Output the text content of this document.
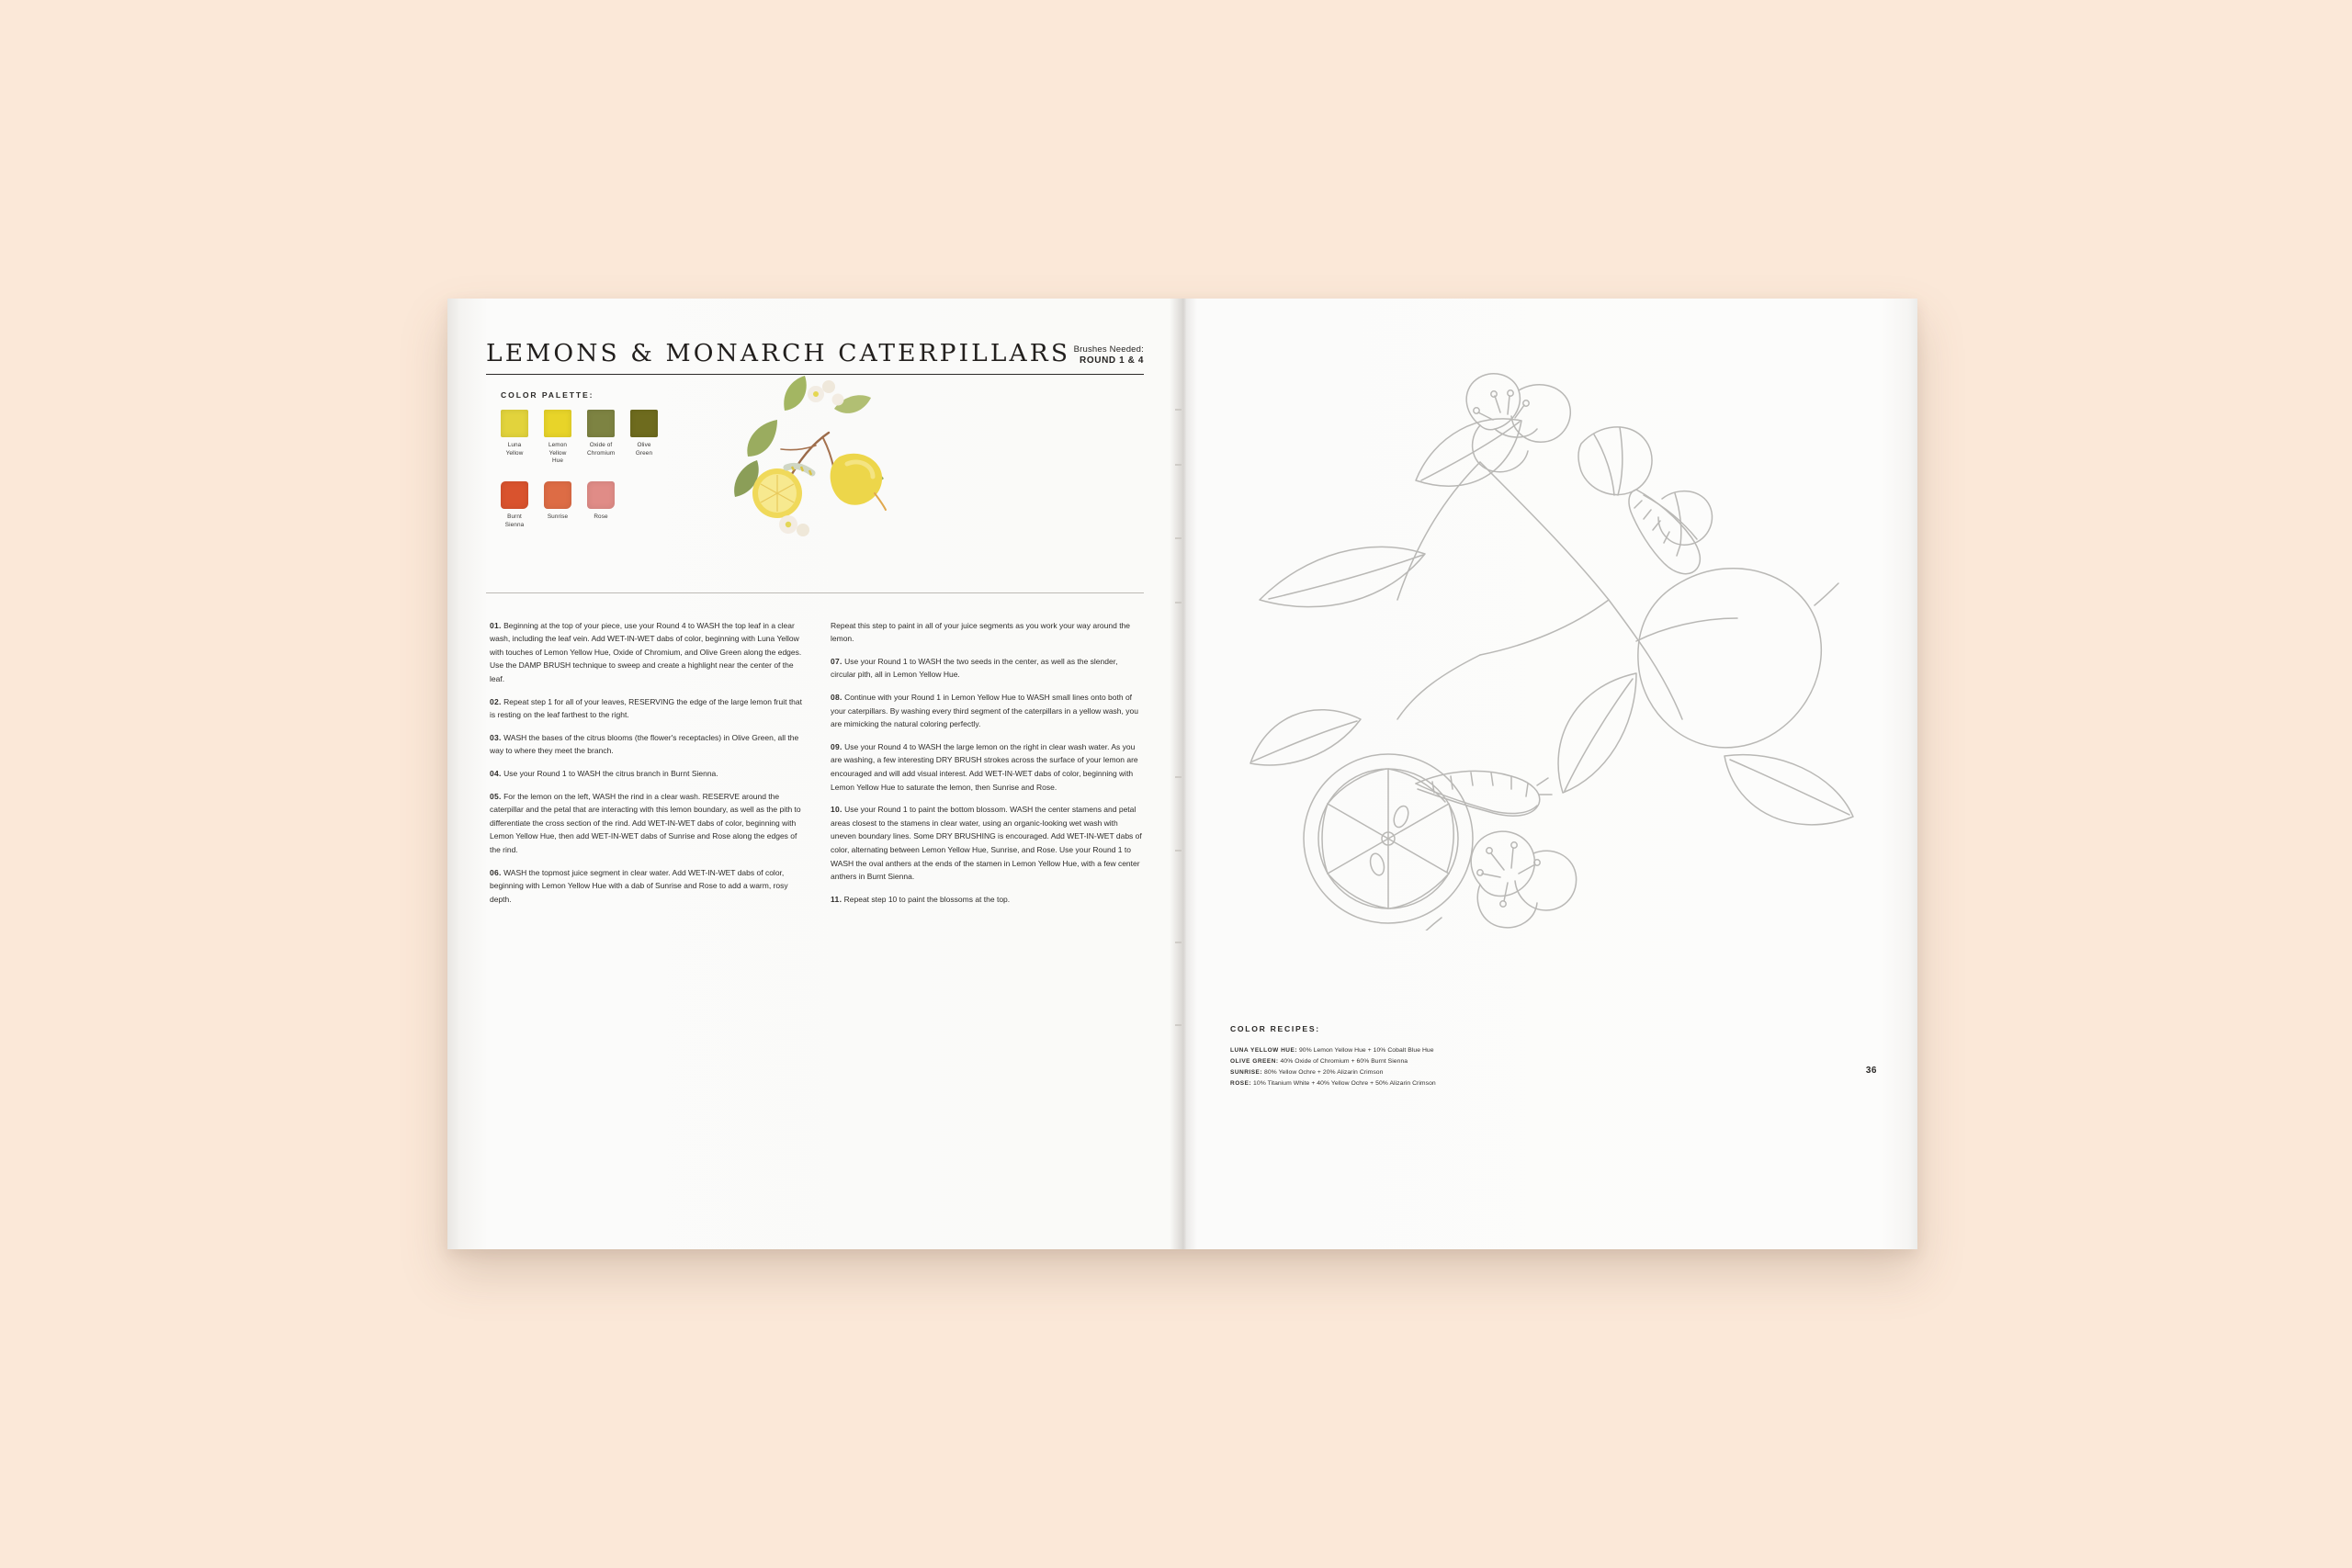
LEMONS & MONARCH CATERPILLARS Brushes Needed:
ROUND 1 & 4
COLOR PALETTE:
Luna Yellow
Lemon Yellow Hue
Oxide of Chromium
Olive Green
Burnt Sienna
Sunrise	Rose

01. Beginning at the top of your piece, use your Round 4 to WASH the top leaf in a clear wash, including the leaf vein. Add WET-IN-WET dabs of color, beginning with Luna Yellow with touches of Lemon Yellow Hue, Oxide of Chromium, and Olive Green along the edges. Use the DAMP BRUSH technique to sweep and create a highlight near the center of the leaf.

02. Repeat step 1 for all of your leaves, RESERVING the edge of the large lemon fruit that is resting on the leaf farthest to the right.

03. WASH the bases of the citrus blooms (the flower's receptacles) in Olive Green, all the way to where they meet the branch.

04. Use your Round 1 to WASH the citrus branch in Burnt Sienna.

05. For the lemon on the left, WASH the rind in a clear wash. RESERVE around the caterpillar and the petal that are interacting with this lemon boundary, as well as the pith to differentiate the cross section of the rind. Add WET-IN-WET dabs of color, beginning with Lemon Yellow Hue, then add WET-IN-WET dabs of Sunrise and Rose along the edges of the rind.

06. WASH the topmost juice segment in clear water. Add WET-IN-WET dabs of color, beginning with Lemon Yellow Hue with a dab of Sunrise and Rose to add a warm, rosy depth.

Repeat this step to paint in all of your juice segments as you work your way around the lemon.

07. Use your Round 1 to WASH the two seeds in the center, as well as the slender, circular pith, all in Lemon Yellow Hue.

08. Continue with your Round 1 in Lemon Yellow Hue to WASH small lines onto both of your caterpillars. By washing every third segment of the caterpillars in a yellow wash, you are mimicking the natural coloring perfectly.

09. Use your Round 4 to WASH the large lemon on the right in clear wash water. As you are washing, a few interesting DRY BRUSH strokes across the surface of your lemon are encouraged and will add visual interest. Add WET-IN-WET dabs of color, beginning with Lemon Yellow Hue to saturate the lemon, then Sunrise and Rose.

10. Use your Round 1 to paint the bottom blossom. WASH the center stamens and petal areas closest to the stamens in clear water, using an organic-looking wet wash with uneven boundary lines. Some DRY BRUSHING is encouraged. Add WET-IN-WET dabs of color, alternating between Lemon Yellow Hue, Sunrise, and Rose. Use your Round 1 to WASH the oval anthers at the ends of the stamen in Lemon Yellow Hue, with a few center anthers in Burnt Sienna.

11. Repeat step 10 to paint the blossoms at the top.

COLOR RECIPES:
LUNA YELLOW HUE: 90% Lemon Yellow Hue + 10% Cobalt Blue Hue
OLIVE GREEN: 40% Oxide of Chromium + 60% Burnt Sienna
SUNRISE: 80% Yellow Ochre + 20% Alizarin Crimson
ROSE: 10% Titanium White + 40% Yellow Ochre + 50% Alizarin Crimson
36
